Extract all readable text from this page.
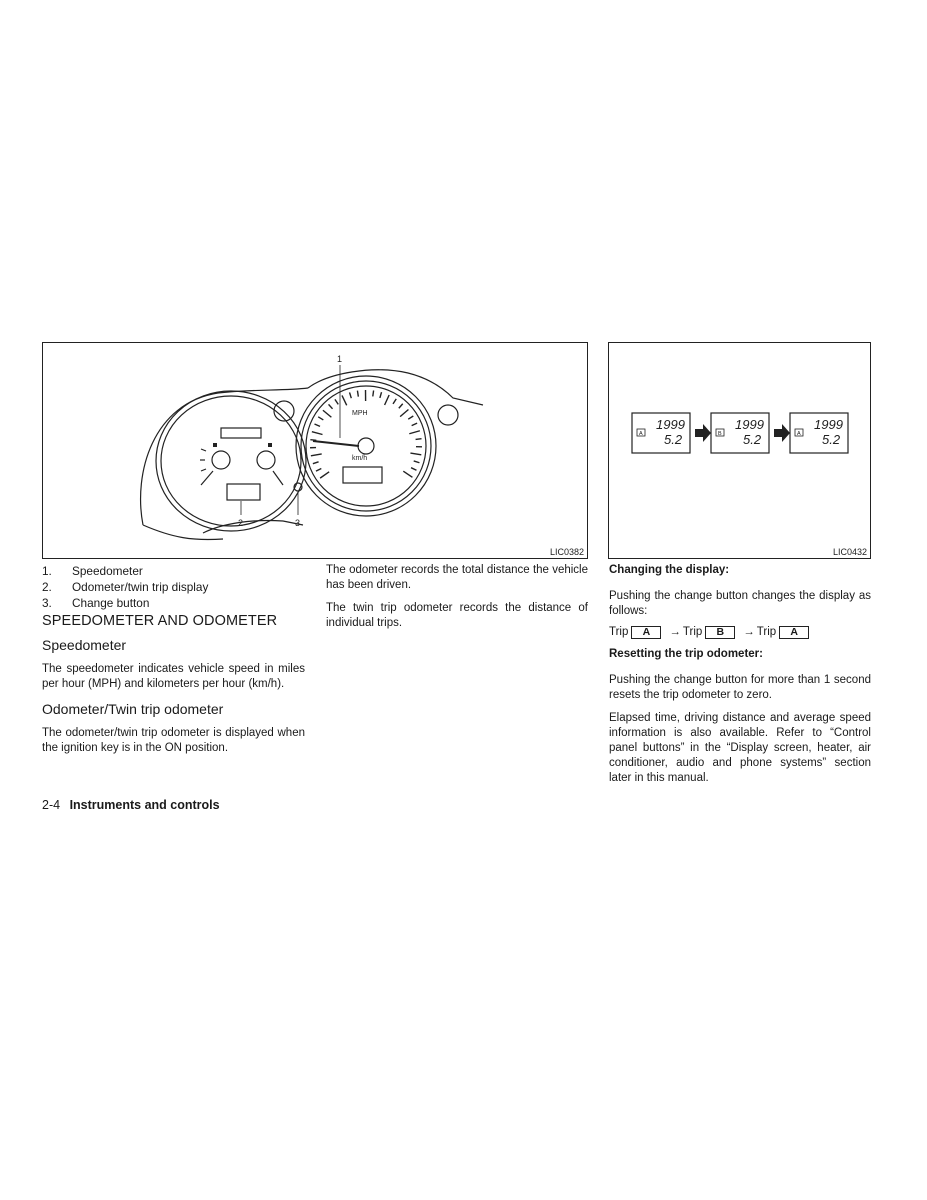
MPH
km/h
1
2	3
LIC0382
A
1999
5.2	B
1999
5.2	A
1999
5.2
LIC0432
1.	Speedometer
2.	Odometer/twin trip display
3.	Change button
SPEEDOMETER AND ODOMETER
Speedometer

The speedometer indicates vehicle speed in miles per hour (MPH) and kilometers per hour (km/h).

Odometer/Twin trip odometer

The odometer/twin trip odometer is displayed when the ignition key is in the ON position.

The odometer records the total distance the vehicle has been driven.

The twin trip odometer records the distance of individual trips.

Changing the display:

Pushing the change button changes the display as follows:

Trip	A	→ Trip	B	→ Trip	A

Resetting the trip odometer:

Pushing the change button for more than 1 second resets the trip odometer to zero.

Elapsed time, driving distance and average speed information is also available. Refer to “Control panel buttons” in the “Display screen, heater, air conditioner, audio and phone systems” section later in this manual.

2-4 Instruments and controls
